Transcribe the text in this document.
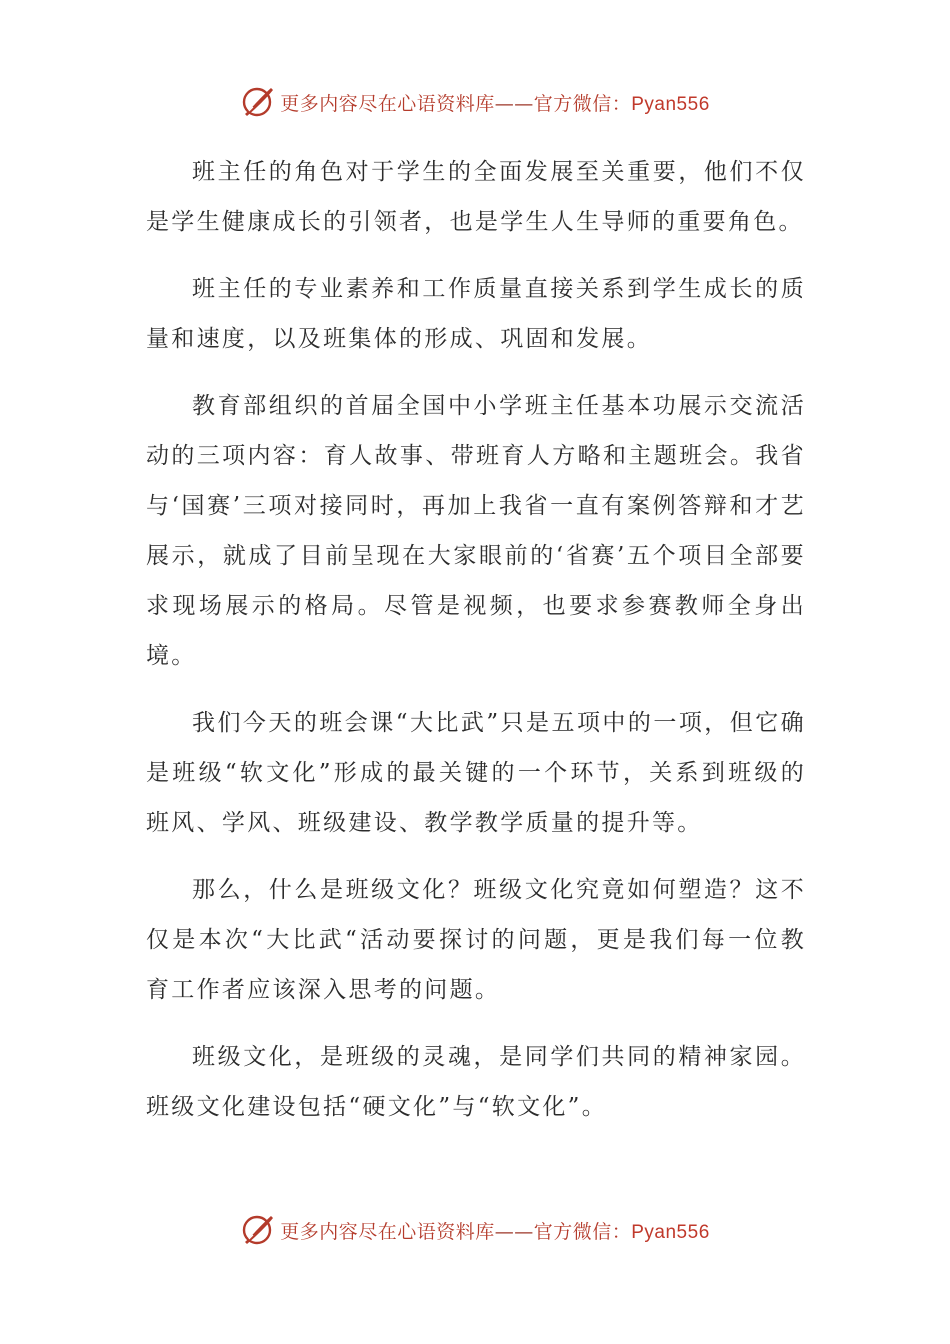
更多内容尽在心语资料库——官方微信：Pyan556

班主任的角色对于学生的全面发展至关重要，他们不仅是学生健康成长的引领者，也是学生人生导师的重要角色。

班主任的专业素养和工作质量直接关系到学生成长的质量和速度，以及班集体的形成、巩固和发展。

教育部组织的首届全国中小学班主任基本功展示交流活动的三项内容：育人故事、带班育人方略和主题班会。我省与‘国赛’三项对接同时，再加上我省一直有案例答辩和才艺展示，就成了目前呈现在大家眼前的‘省赛’五个项目全部要求现场展示的格局。尽管是视频，也要求参赛教师全身出境。

我们今天的班会课“大比武”只是五项中的一项，但它确是班级“软文化”形成的最关键的一个环节，关系到班级的班风、学风、班级建设、教学教学质量的提升等。

那么，什么是班级文化？班级文化究竟如何塑造？这不仅是本次“大比武“活动要探讨的问题，更是我们每一位教育工作者应该深入思考的问题。

班级文化，是班级的灵魂，是同学们共同的精神家园。班级文化建设包括“硬文化”与“软文化”。

更多内容尽在心语资料库——官方微信：Pyan556
